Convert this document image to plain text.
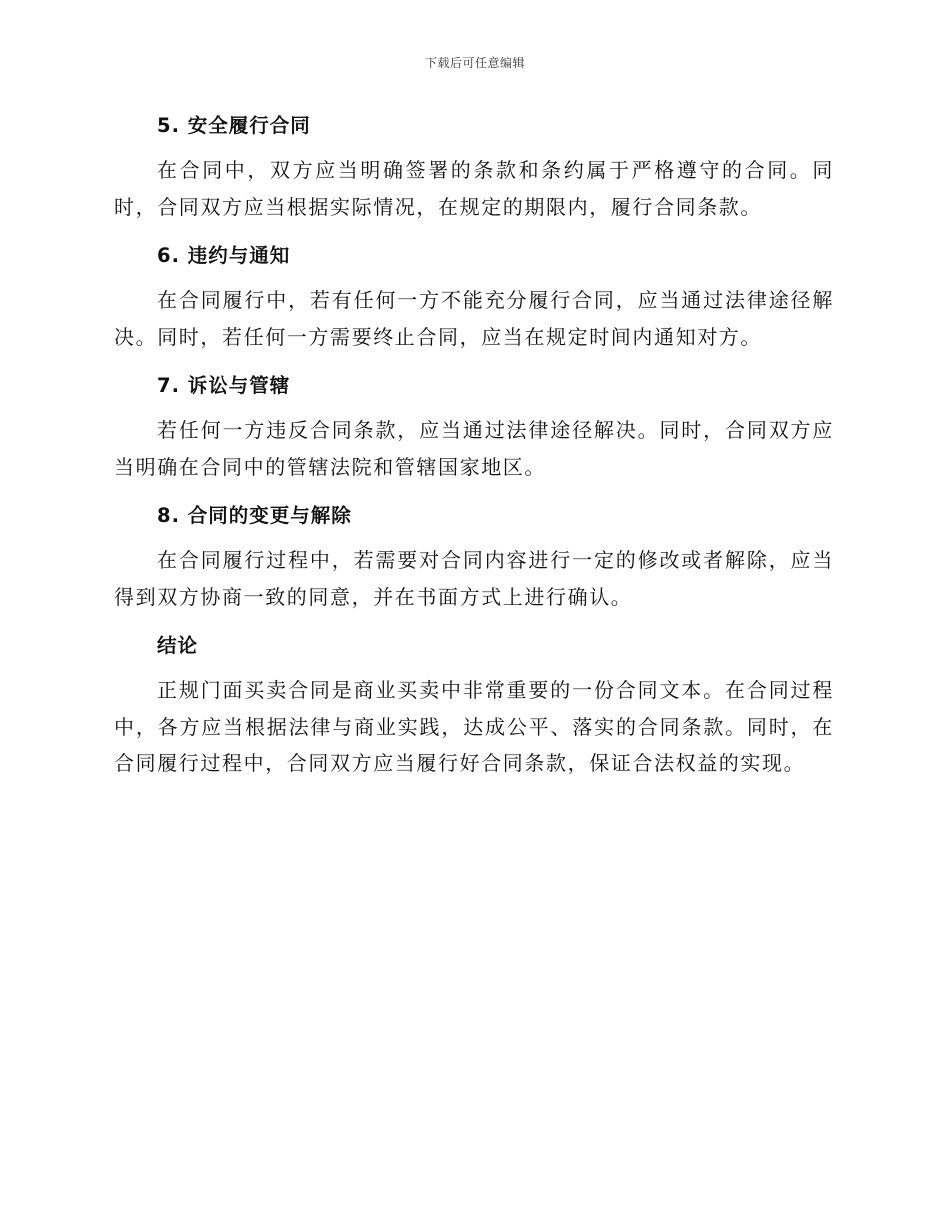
下载后可任意编辑
5. 安全履行合同

在合同中，双方应当明确签署的条款和条约属于严格遵守的合同。同时，合同双方应当根据实际情况，在规定的期限内，履行合同条款。

6. 违约与通知

在合同履行中，若有任何一方不能充分履行合同，应当通过法律途径解决。同时，若任何一方需要终止合同，应当在规定时间内通知对方。

7. 诉讼与管辖

若任何一方违反合同条款，应当通过法律途径解决。同时，合同双方应当明确在合同中的管辖法院和管辖国家地区。

8. 合同的变更与解除

在合同履行过程中，若需要对合同内容进行一定的修改或者解除，应当得到双方协商一致的同意，并在书面方式上进行确认。

结论

正规门面买卖合同是商业买卖中非常重要的一份合同文本。在合同过程中，各方应当根据法律与商业实践，达成公平、落实的合同条款。同时，在合同履行过程中，合同双方应当履行好合同条款，保证合法权益的实现。
